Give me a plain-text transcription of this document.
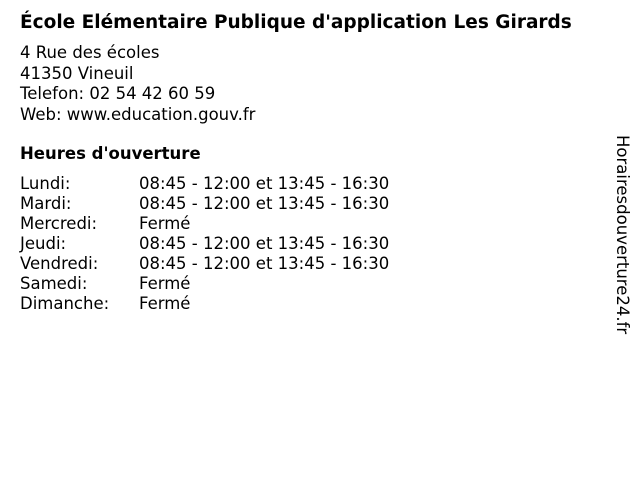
École Elémentaire Publique d'application Les Girards
4 Rue des écoles
41350 Vineuil
Telefon: 02 54 42 60 59
Web: www.education.gouv.fr
Heures d'ouverture
Lundi:	08:45 - 12:00 et 13:45 - 16:30
Mardi:	08:45 - 12:00 et 13:45 - 16:30
Mercredi:	Fermé
Jeudi:	08:45 - 12:00 et 13:45 - 16:30
Vendredi:	08:45 - 12:00 et 13:45 - 16:30
Samedi:	Fermé
Dimanche:	Fermé	Horairesdouverture24.fr
